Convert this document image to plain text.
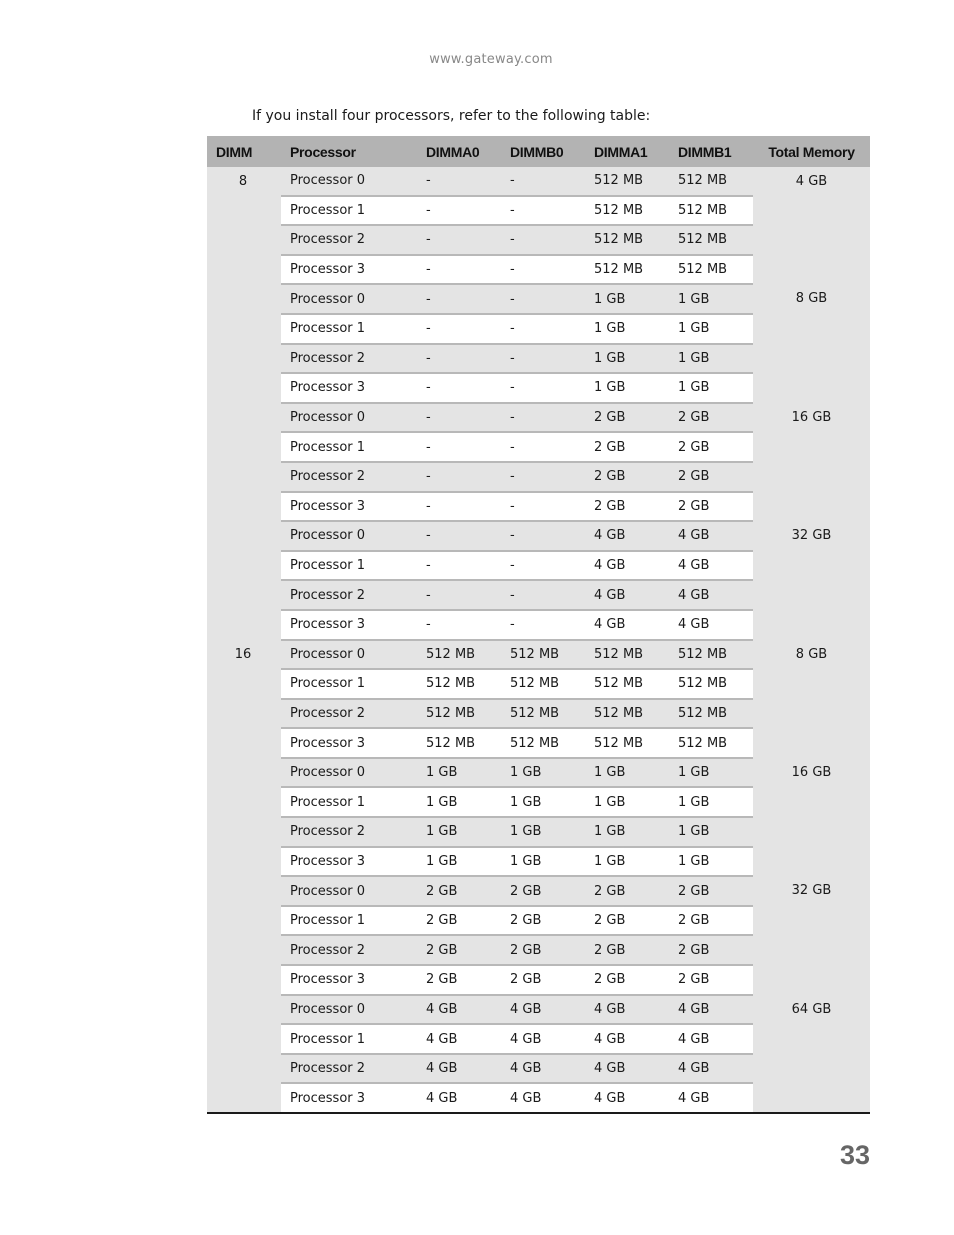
www.gateway.com

If you install four processors, refer to the following table:

DIMM	Processor	DIMMA0	DIMMB0	DIMMA1	DIMMB1	Total Memory
8	Processor 0	-	-	512 MB	512 MB	4 GB
	Processor 1	-	-	512 MB	512 MB	
	Processor 2	-	-	512 MB	512 MB	
	Processor 3	-	-	512 MB	512 MB	
	Processor 0	-	-	1 GB	1 GB	8 GB
	Processor 1	-	-	1 GB	1 GB	
	Processor 2	-	-	1 GB	1 GB	
	Processor 3	-	-	1 GB	1 GB	
	Processor 0	-	-	2 GB	2 GB	16 GB
	Processor 1	-	-	2 GB	2 GB	
	Processor 2	-	-	2 GB	2 GB	
	Processor 3	-	-	2 GB	2 GB	
	Processor 0	-	-	4 GB	4 GB	32 GB
	Processor 1	-	-	4 GB	4 GB	
	Processor 2	-	-	4 GB	4 GB	
	Processor 3	-	-	4 GB	4 GB	
16	Processor 0	512 MB	512 MB	512 MB	512 MB	8 GB
	Processor 1	512 MB	512 MB	512 MB	512 MB	
	Processor 2	512 MB	512 MB	512 MB	512 MB	
	Processor 3	512 MB	512 MB	512 MB	512 MB	
	Processor 0	1 GB	1 GB	1 GB	1 GB	16 GB
	Processor 1	1 GB	1 GB	1 GB	1 GB	
	Processor 2	1 GB	1 GB	1 GB	1 GB	
	Processor 3	1 GB	1 GB	1 GB	1 GB	
	Processor 0	2 GB	2 GB	2 GB	2 GB	32 GB
	Processor 1	2 GB	2 GB	2 GB	2 GB	
	Processor 2	2 GB	2 GB	2 GB	2 GB	
	Processor 3	2 GB	2 GB	2 GB	2 GB	
	Processor 0	4 GB	4 GB	4 GB	4 GB	64 GB
	Processor 1	4 GB	4 GB	4 GB	4 GB	
	Processor 2	4 GB	4 GB	4 GB	4 GB	
	Processor 3	4 GB	4 GB	4 GB	4 GB	
33
